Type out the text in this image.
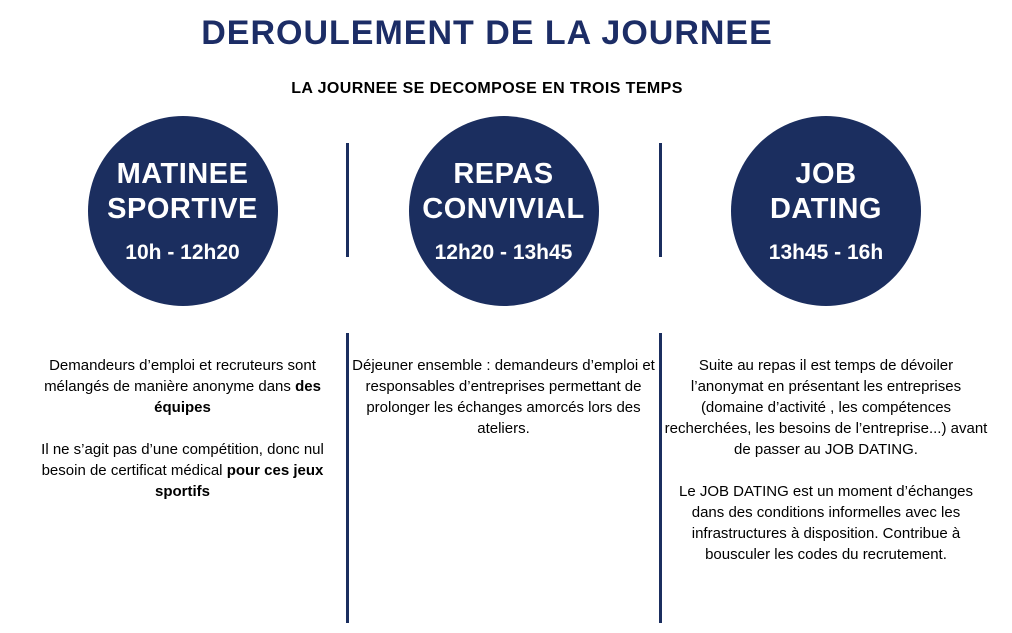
DEROULEMENT DE LA JOURNEE
LA JOURNEE SE DECOMPOSE EN TROIS TEMPS
MATINEE
SPORTIVE
10h - 12h20

Demandeurs d’emploi et recruteurs sont mélangés de manière anonyme dans des équipes

Il ne s’agit pas d’une compétition, donc nul besoin de certificat médical pour ces jeux sportifs

REPAS
CONVIVIAL
12h20 - 13h45

Déjeuner ensemble : demandeurs d’emploi et responsables d’entreprises permettant de prolonger les échanges amorcés lors des ateliers.

JOB
DATING
13h45 - 16h

Suite au repas il est temps de dévoiler l’anonymat en présentant les entreprises (domaine d’activité , les compétences recherchées, les besoins de l’entreprise...) avant de passer au JOB DATING.

Le JOB DATING est un moment d’échanges dans des conditions informelles avec les infrastructures à disposition. Contribue à bousculer les codes du recrutement.
